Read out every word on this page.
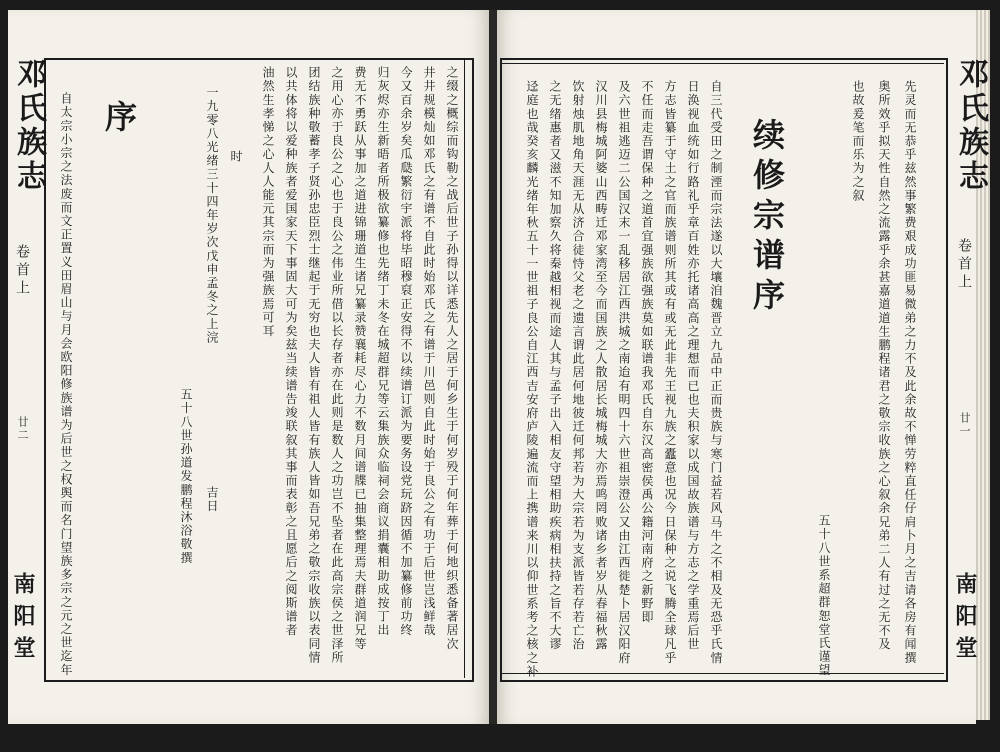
邓氏族志
卷首上
廿一
南阳堂
先灵而无恭乎兹然事繁费艰成功匪易微弟之力不及此余故不惮劳粹直任仔肩卜月之吉请各房有闻撰
奥所效乎拟天性自然之流露乎余甚嘉道道生鹏程诸君之敬宗收族之心叙余兄弟二人有过之无不及
也故爰笔而乐为之叙
五十八世系超群恕堂氏谨望
续修宗谱序
自三代受田之制湮而宗法遂以大壤洎魏晋立九品中正而贵族与寒门益若风马牛之不相及无恐乎氏情
日涣视血统如行路礼乎章百姓亦托诸高高之理想而已也夫积家以成国故族谱与方志之学重焉后世
方志皆纂于守土之官而族谱则所其或有或无此非先王视九族之蠹意也况今日保种之说飞腾全球凡乎
不任而走吾谓保种之道首宜强族欲强族莫如联谱我邓氏自东汉高密侯禹公籍河南府之新野即
及六世祖逃迈二公国汉末一乱移居江西洪城之南迨有明四十六世祖崇澄公又由江西徙楚卜居汉阳府
汉川县梅城阿婆山西畴迁邓家湾至今而国族之人散居长城梅城大亦焉鸣罔败诸乡者岁从春福秋露
饮射烛肌地角天涯无从济合徒恃父老之遗言谓此居何地彼迁何邦若为大宗若为支派皆若存若亡治
之无绪惠者又滋不知加察久将秦越相视而途人其与孟子出入相友守望相助疾病相扶持之旨不大谬
迳庭也哉癸亥麟光绪年秋五十一世祖子良公自江西吉安府庐陵遍流而上携谱来川以仰世系考之核之补
邓氏族志
卷首上
廿二
南阳堂	之缀之概综而钩勒之战后世子孙得以详悉先人之居于何乡生于何岁殁于何年葬于何地织悉备著居次
井井规模灿如邓氏之有谱不自此时始邓氏之有谱于川邑则自此时始于良公之有功于后世岂浅鲜哉
今又百余岁矣瓜瓞繁衍宇派将毕昭穆裒正安得不以续谱订派为要务设党玩跻因循不加纂修前功终
归灰烬亦生新晤者所极欲纂修也先绪丁未冬在城超群兄等云集族众临祠会商议捐囊相助成按丁出
费无不勇跃从事加之道进锦珊道生诸兄纂录赞襄耗尽心力不数月间谱牒已抽集整理焉夫群道润兄等
之用心亦于良公之心也于良公之伟业所借以长存者亦在此则是数人之功岂不坠者在此高宗侯之世泽所
团结族种敬蓄孝子贤孙忠臣烈士继起于无穷也夫人皆有祖人皆有族人皆如吾兄弟之敬宗收族以表同情
以共体将以爱种族者爱国家天下事固大可为矣兹当续谱告竣联叙其事而表彰之且愿后之阅斯谱者
油然生孝悌之心人人能元其宗而为强族焉可耳
时
一九零八光绪三十四年岁次戊申孟冬之上浣
吉日
五十八世孙道发鹏程沐浴敬撰
序
自太宗小宗之法废而文正置义田眉山与月会欧阳修族谱为后世之权舆而名门望族多宗之元之世迄年
